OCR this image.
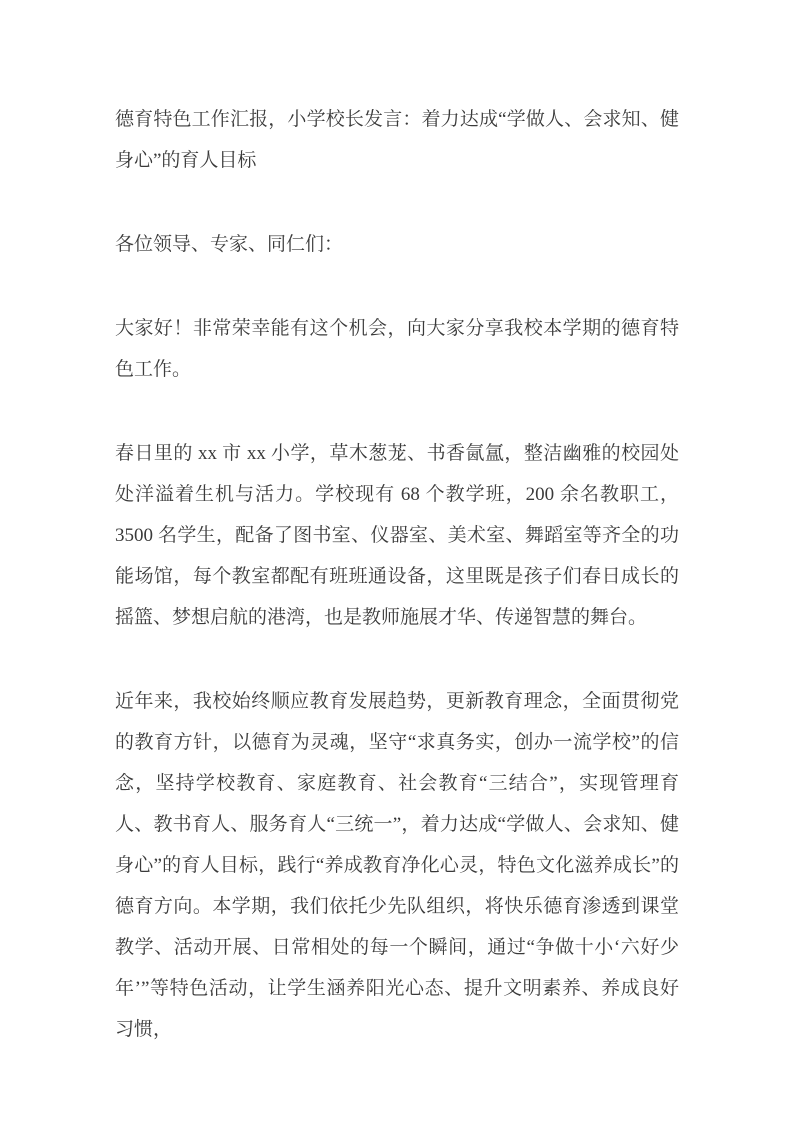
德育特色工作汇报，小学校长发言：着力达成“学做人、会求知、健身心”的育人目标

各位领导、专家、同仁们：

大家好！非常荣幸能有这个机会，向大家分享我校本学期的德育特色工作。

春日里的 xx 市 xx 小学，草木葱茏、书香氤氲，整洁幽雅的校园处处洋溢着生机与活力。学校现有 68 个教学班，200 余名教职工，3500 名学生，配备了图书室、仪器室、美术室、舞蹈室等齐全的功能场馆，每个教室都配有班班通设备，这里既是孩子们春日成长的摇篮、梦想启航的港湾，也是教师施展才华、传递智慧的舞台。

近年来，我校始终顺应教育发展趋势，更新教育理念，全面贯彻党的教育方针，以德育为灵魂，坚守“求真务实，创办一流学校”的信念，坚持学校教育、家庭教育、社会教育“三结合”，实现管理育人、教书育人、服务育人“三统一”，着力达成“学做人、会求知、健身心”的育人目标，践行“养成教育净化心灵，特色文化滋养成长”的德育方向。本学期，我们依托少先队组织，将快乐德育渗透到课堂教学、活动开展、日常相处的每一个瞬间，通过“争做十小‘六好少年’”等特色活动，让学生涵养阳光心态、提升文明素养、养成良好习惯，
